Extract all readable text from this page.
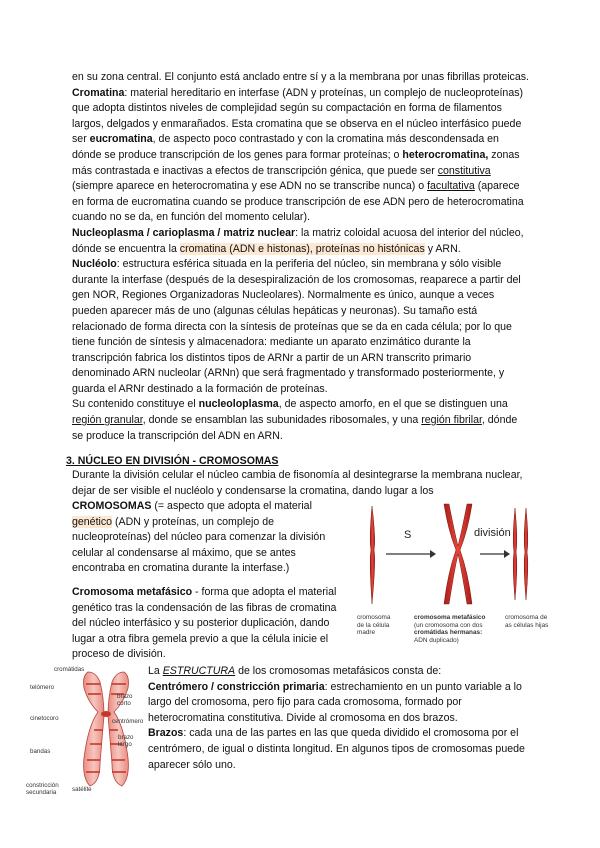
en su zona central. El conjunto está anclado entre sí y a la membrana por unas fibrillas proteicas. Cromatina: material hereditario en interfase (ADN y proteínas, un complejo de nucleoproteínas) que adopta distintos niveles de complejidad según su compactación en forma de filamentos largos, delgados y enmarañados. Esta cromatina que se observa en el núcleo interfásico puede ser eucromatina, de aspecto poco contrastado y con la cromatina más descondensada en dónde se produce transcripción de los genes para formar proteínas; o heterocromatina, zonas más contrastada e inactivas a efectos de transcripción génica, que puede ser constitutiva (siempre aparece en heterocromatina y ese ADN no se transcribe nunca) o facultativa (aparece en forma de eucromatina cuando se produce transcripción de ese ADN pero de heterocromatina cuando no se da, en función del momento celular).

Nucleoplasma / carioplasma / matriz nuclear: la matriz coloidal acuosa del interior del núcleo, dónde se encuentra la cromatina (ADN e histonas), proteínas no histónicas y ARN.

Nucléolo: estructura esférica situada en la periferia del núcleo, sin membrana y sólo visible durante la interfase (después de la desespiralización de los cromosomas, reaparece a partir del gen NOR, Regiones Organizadoras Nucleolares). Normalmente es único, aunque a veces pueden aparecer más de uno (algunas células hepáticas y neuronas). Su tamaño está relacionado de forma directa con la síntesis de proteínas que se da en cada célula; por lo que tiene función de síntesis y almacenadora: mediante un aparato enzimático durante la transcripción fabrica los distintos tipos de ARNr a partir de un ARN transcrito primario denominado ARN nucleolar (ARNn) que será fragmentado y transformado posteriormente, y guarda el ARNr destinado a la formación de proteínas.

Su contenido constituye el nucleoloplasma, de aspecto amorfo, en el que se distinguen una región granular, donde se ensamblan las subunidades ribosomales, y una región fibrilar, dónde se produce la transcripción del ADN en ARN.

3. NÚCLEO EN DIVISIÓN - CROMOSOMAS

Durante la división celular el núcleo cambia de fisonomía al desintegrarse la membrana nuclear, dejar de ser visible el nucléolo y condensarse la cromatina, dando lugar a los

CROMOSOMAS (= aspecto que adopta el material genético (ADN y proteínas, un complejo de nucleoproteínas) del núcleo para comenzar la división celular al condensarse al máximo, que se antes encontraba en cromatina durante la interfase.)

Cromosoma metafásico - forma que adopta el material genético tras la condensación de las fibras de cromatina del núcleo interfásico y su posterior duplicación, dando lugar a otra fibra gemela previo a que la célula inicie el proceso de división.

S	división
cromosoma de la célula madre
cromosoma metafásico
(un cromosoma con dos
cromátidas hermanas:
ADN duplicado)
cromosoma de as células hijas
cromátidas
telómero
brazo corto
cinetocoro	centrómero
brazo largo
bandas
satélite
constricción secundaria

La ESTRUCTURA de los cromosomas metafásicos consta de:

Centrómero / constricción primaria: estrechamiento en un punto variable a lo largo del cromosoma, pero fijo para cada cromosoma, formado por heterocromatina constitutiva. Divide al cromosoma en dos brazos.

Brazos: cada una de las partes en las que queda dividido el cromosoma por el centrómero, de igual o distinta longitud. En algunos tipos de cromosomas puede aparecer sólo uno.
